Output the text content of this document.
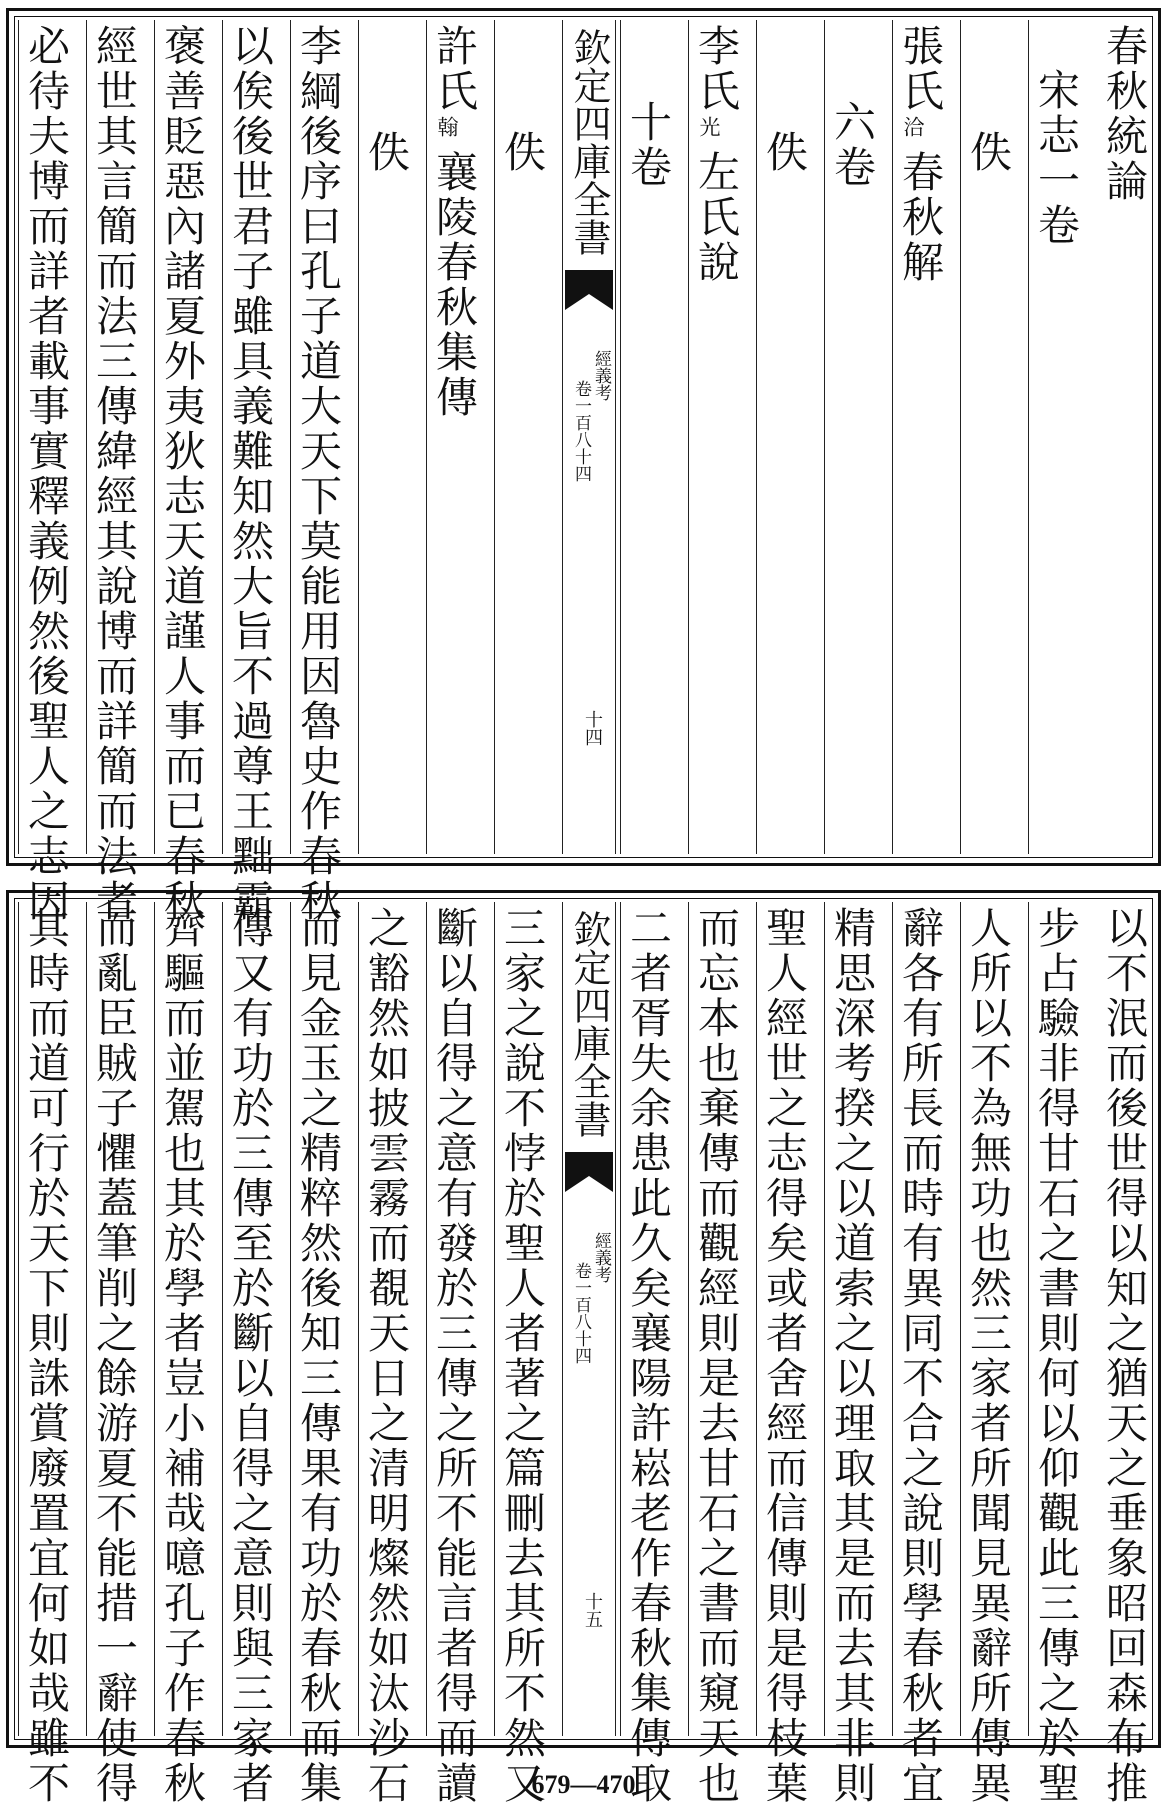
春秋統論
宋志一卷
佚
張氏
洽
春秋解
六卷
佚
李氏
光
左氏說
十卷
欽定四庫全書
經義考
卷一百八十四
十四
佚
許氏
翰
襄陵春秋集傳
佚
李綱後序曰孔子道大天下莫能用因魯史作春秋
以俟後世君子雖具義難知然大旨不過尊王黜霸
褒善貶惡內諸夏外夷狄志天道謹人事而已春秋
經世其言簡而法三傳緯經其說博而詳簡而法者
必待夫博而詳者載事實釋義例然後聖人之志因
以不泯而後世得以知之猶天之垂象昭回森布推
步占驗非得甘石之書則何以仰觀此三傳之於聖
人所以不為無功也然三家者所聞見異辭所傳異
辭各有所長而時有異同不合之說則學春秋者宜
精思深考揆之以道索之以理取其是而去其非則
聖人經世之志得矣或者舍經而信傳則是得枝葉
而忘本也棄傳而觀經則是去甘石之書而窺天也
二者胥失余患此久矣襄陽許崧老作春秋集傳取
欽定四庫全書
經義考
卷一百八十四
十五
三家之說不悖於聖人者著之篇刪去其所不然又
斷以自得之意有發於三傳之所不能言者得而讀
之豁然如披雲霧而覩天日之清明燦然如汰沙石
而見金玉之精粹然後知三傳果有功於春秋而集
傳又有功於三傳至於斷以自得之意則與三家者
齊驅而並駕也其於學者豈小補哉噫孔子作春秋
而亂臣賊子懼蓋筆削之餘游夏不能措一辭使得
其時而道可行於天下則誅賞廢置宜何如哉雖不	679—470
